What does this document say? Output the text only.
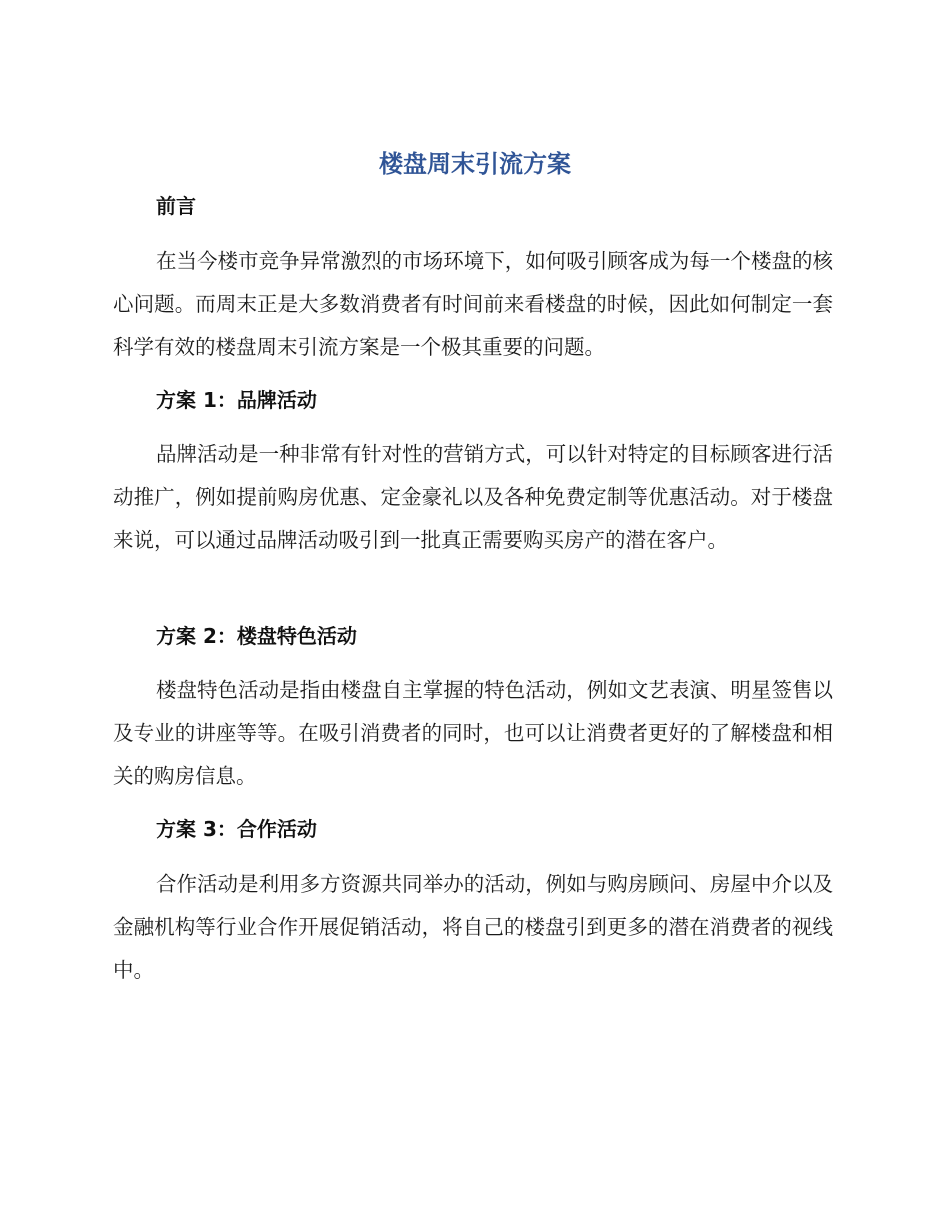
楼盘周末引流方案
前言

在当今楼市竞争异常激烈的市场环境下，如何吸引顾客成为每一个楼盘的核心问题。而周末正是大多数消费者有时间前来看楼盘的时候，因此如何制定一套科学有效的楼盘周末引流方案是一个极其重要的问题。

方案 1：品牌活动

品牌活动是一种非常有针对性的营销方式，可以针对特定的目标顾客进行活动推广，例如提前购房优惠、定金豪礼以及各种免费定制等优惠活动。对于楼盘来说，可以通过品牌活动吸引到一批真正需要购买房产的潜在客户。

方案 2：楼盘特色活动

楼盘特色活动是指由楼盘自主掌握的特色活动，例如文艺表演、明星签售以及专业的讲座等等。在吸引消费者的同时，也可以让消费者更好的了解楼盘和相关的购房信息。

方案 3：合作活动

合作活动是利用多方资源共同举办的活动，例如与购房顾问、房屋中介以及金融机构等行业合作开展促销活动，将自己的楼盘引到更多的潜在消费者的视线中。
